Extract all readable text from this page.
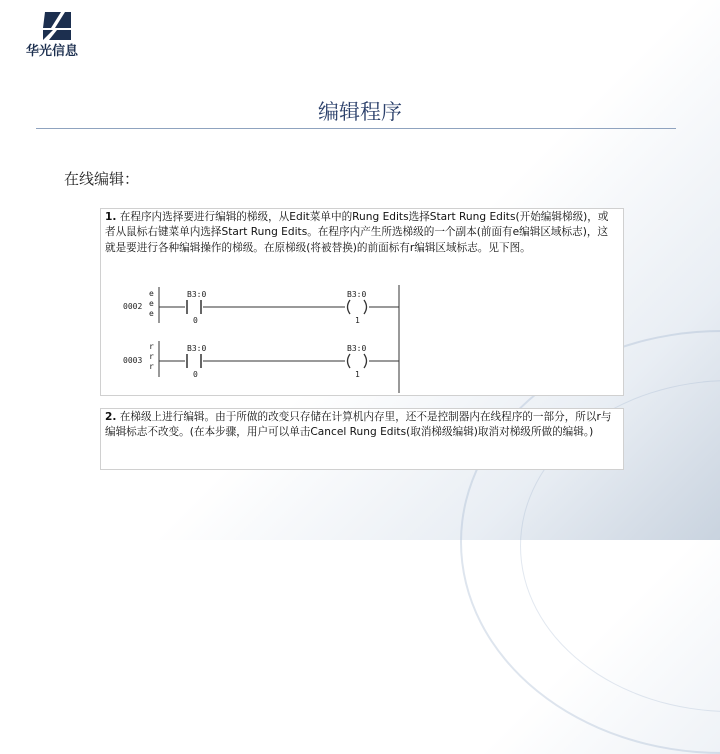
华光信息
编辑程序
在线编辑：
1. 在程序内选择要进行编辑的梯级，从Edit菜单中的Rung Edits选择Start Rung Edits(开始编辑梯级)，或者从鼠标右键菜单内选择Start Rung Edits。在程序内产生所选梯级的一个副本(前面有e编辑区域标志)，这就是要进行各种编辑操作的梯级。在原梯级(将被替换)的前面标有r编辑区域标志。见下图。
e
e
e
0002
B3:0
0
B3:0
1
r
r
r
0003
B3:0
0
B3:0
1
2. 在梯级上进行编辑。由于所做的改变只存储在计算机内存里，还不是控制器内在线程序的一部分，所以r与编辑标志不改变。(在本步骤，用户可以单击Cancel Rung Edits(取消梯级编辑)取消对梯级所做的编辑。)
